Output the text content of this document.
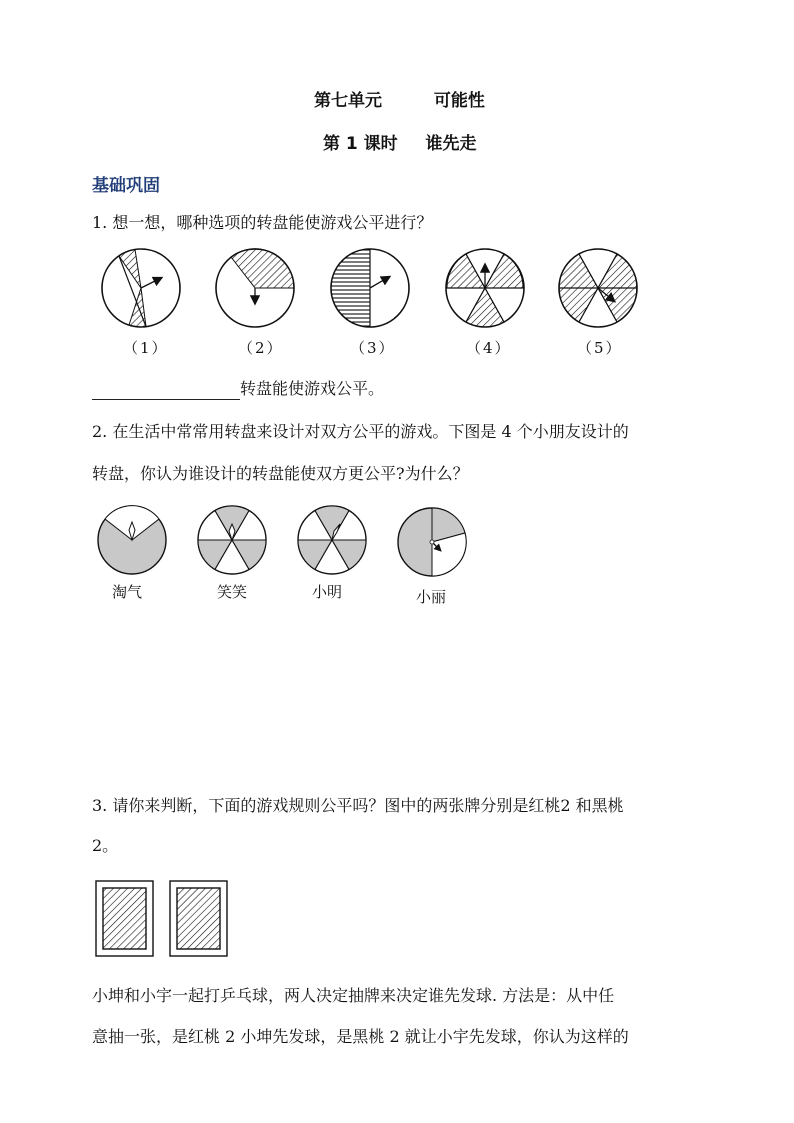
第七单元	可能性
第 1 课时 谁先走
基础巩固
1. 想一想，哪种选项的转盘能使游戏公平进行？
（1）	（2）	（3）	（4）	（5）
转盘能使游戏公平。
2. 在生活中常常用转盘来设计对双方公平的游戏。下图是 4 个小朋友设计的
转盘，你认为谁设计的转盘能使双方更公平?为什么？
淘气	笑笑	小明	小丽
3. 请你来判断，下面的游戏规则公平吗？图中的两张牌分别是红桃2 和黑桃
2。
小坤和小宇一起打乒乓球，两人决定抽牌来决定谁先发球. 方法是：从中任
意抽一张，是红桃 2 小坤先发球，是黑桃 2 就让小宇先发球，你认为这样的
